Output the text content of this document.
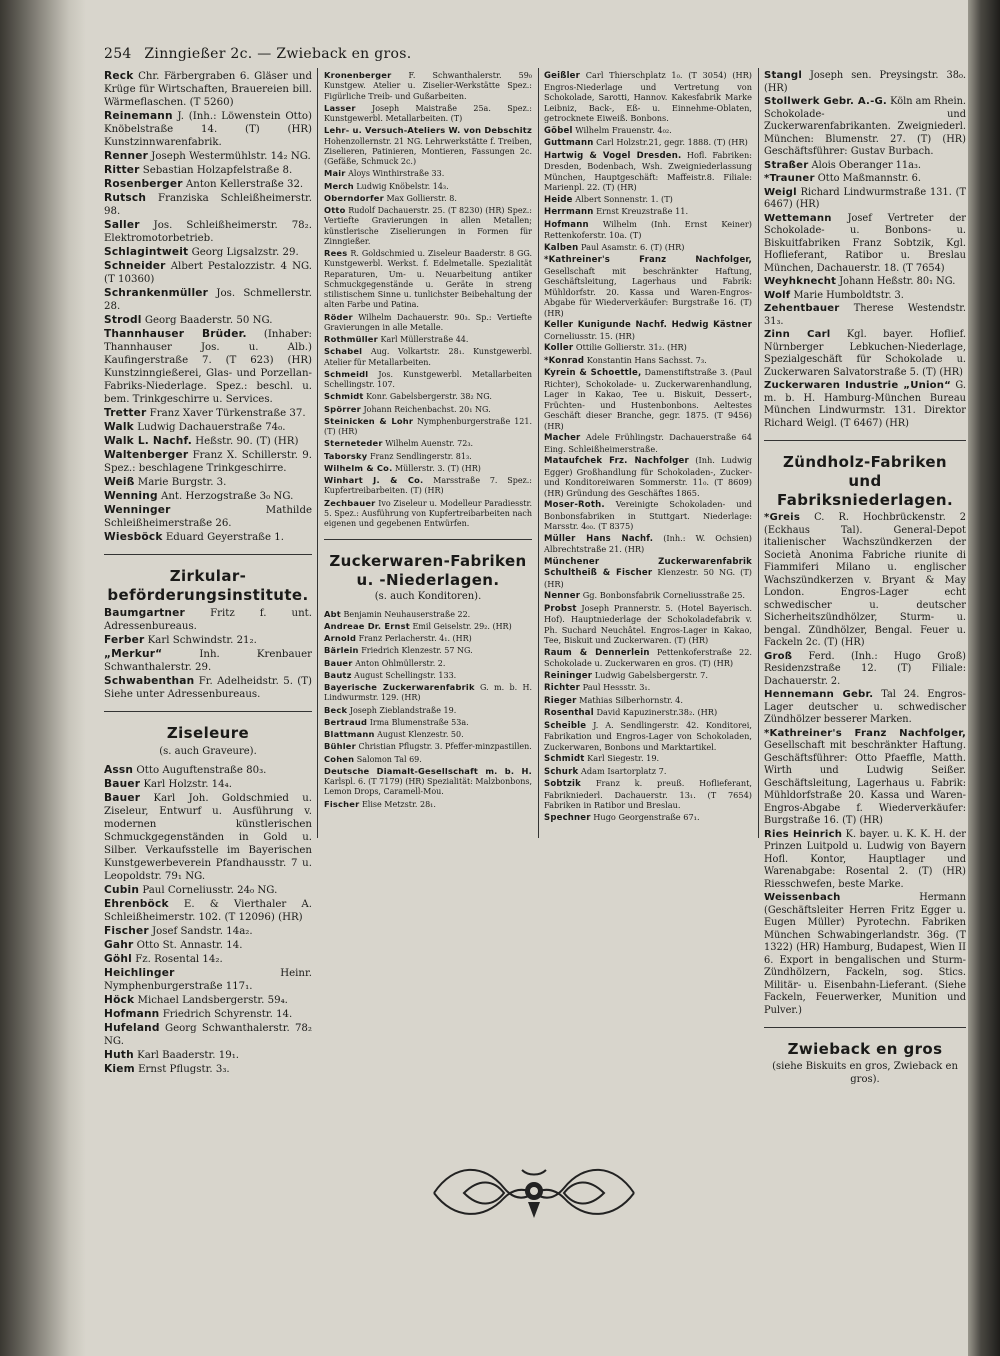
254 Zinngießer 2c. — Zwieback en gros.

Reck Chr. Färbergraben 6. Gläser und Krüge für Wirtschaften, Brauereien bill. Wärmeflaschen. (T 5260)

Reinemann J. (Inh.: Löwenstein Otto) Knöbelstraße 14. (T) (HR) Kunstzinnwarenfabrik.

Renner Joseph Westermühlstr. 14₂ NG.

Ritter Sebastian Holzapfelstraße 8.

Rosenberger Anton Kellerstraße 32.

Rutsch Franziska Schleißheimerstr. 98.

Saller Jos. Schleißheimerstr. 78₂. Elektromotorbetrieb.

Schlagintweit Georg Ligsalzstr. 29.

Schneider Albert Pestalozzistr. 4 NG. (T 10360)

Schrankenmüller Jos. Schmellerstr. 28.

Strodl Georg Baaderstr. 50 NG.

Thannhauser Brüder. (Inhaber: Thannhauser Jos. u. Alb.) Kaufingerstraße 7. (T 623) (HR) Kunstzinngießerei, Glas- und Porzellan-Fabriks-Niederlage. Spez.: beschl. u. bem. Trinkgeschirre u. Services.

Tretter Franz Xaver Türkenstraße 37.

Walk Ludwig Dachauerstraße 74₀.

Walk L. Nachf. Heßstr. 90. (T) (HR)

Waltenberger Franz X. Schillerstr. 9. Spez.: beschlagene Trinkgeschirre.

Weiß Marie Burgstr. 3.

Wenning Ant. Herzogstraße 3₀ NG.

Wenninger	Mathilde Schleißheimerstraße 26.

Wiesböck Eduard Geyerstraße 1.

Zirkular-beförderungsinstitute.

Baumgartner Fritz f. unt. Adressenbureaus.

Ferber Karl Schwindstr. 21₂.

„Merkur“	Inh. Krenbauer Schwanthalerstr. 29.

Schwabenthan Fr. Adelheidstr. 5. (T) Siehe unter Adressenbureaus.

Ziseleure
(s. auch Graveure).

Assn Otto Auguftenstraße 80₃.

Bauer Karl Holzstr. 14₄.

Bauer Karl Joh. Goldschmied u. Ziseleur, Entwurf u. Ausführung v. modernen künstlerischen Schmuckgegenständen in Gold u. Silber. Verkaufsstelle im Bayerischen Kunstgewerbeverein Pfandhausstr. 7 u. Leopoldstr. 79₁ NG.

Cubin Paul Corneliusstr. 24₀ NG.

Ehrenböck E. & Vierthaler A. Schleißheimerstr. 102. (T 12096) (HR)

Fischer Josef Sandstr. 14a₂.

Gahr Otto St. Annastr. 14.

Göhl Fz. Rosental 14₂.

Heichlinger	Heinr. Nymphenburgerstraße 117₁.

Höck Michael Landsbergerstr. 59₄.

Hofmann Friedrich Schyrenstr. 14.

Hufeland Georg Schwanthalerstr. 78₂ NG.

Huth Karl Baaderstr. 19₁.

Kiem Ernst Pflugstr. 3₃.

Kronenberger F. Schwanthalerstr. 59₀ Kunstgew. Atelier u. Ziselier-Werkstätte Spez.: Figürliche Treib- und Gußarbeiten.

Lasser Joseph Maistraße 25a. Spez.: Kunstgewerbl. Metallarbeiten. (T)

Lehr- u. Versuch-Ateliers W. von Debschitz Hohenzollernstr. 21 NG. Lehrwerkstätte f. Treiben, Ziselieren, Patinieren, Montieren, Fassungen 2c. (Gefäße, Schmuck 2c.)

Mair Aloys Winthirstraße 33.

Merch Ludwig Knöbelstr. 14₃.

Oberndorfer Max Gollierstr. 8.

Otto Rudolf Dachauerstr. 25. (T 8230) (HR) Spez.: Vertiefte Gravierungen in allen Metallen; künstlerische Ziselierungen in Formen für Zinngießer.

Rees R. Goldschmied u. Ziseleur Baaderstr. 8 GG. Kunstgewerbl. Werkst. f. Edelmetalle. Spezialität Reparaturen, Um- u. Neuarbeitung antiker Schmuckgegenstände u. Geräte in streng stilistischem Sinne u. tunlichster Beibehaltung der alten Farbe und Patina.

Röder Wilhelm Dachauerstr. 90₃. Sp.: Vertiefte Gravierungen in alle Metalle.

Rothmüller Karl Müllerstraße 44.

Schabel Aug. Volkartstr. 28₁. Kunstgewerbl. Atelier für Metallarbeiten.

Schmeidl Jos. Kunstgewerbl. Metallarbeiten Schellingstr. 107.

Schmidt Konr. Gabelsbergerstr. 38₂ NG.

Spörrer Johann Reichenbachst. 20₁ NG.

Steinicken & Lohr Nymphenburgerstraße 121. (T) (HR)

Sterneteder Wilhelm Auenstr. 72₃.

Taborsky Franz Sendlingerstr. 81₃.

Wilhelm & Co. Müllerstr. 3. (T) (HR)

Winhart J. & Co. Marsstraße 7. Spez.: Kupfertreibarbeiten. (T) (HR)

Zechbauer Ivo Ziseleur u. Modelleur Paradiesstr. 5. Spez.: Ausführung von Kupfertreibarbeiten nach eigenen und gegebenen Entwürfen.

Zuckerwaren-Fabriken u. -Niederlagen.
(s. auch Konditoren).

Abt Benjamin Neuhauserstraße 22.

Andreae Dr. Ernst Emil Geiselstr. 29₂. (HR)

Arnold Franz Perlacherstr. 4₁. (HR)

Bärlein Friedrich Klenzestr. 57 NG.

Bauer Anton Ohlmüllerstr. 2.

Bautz August Schellingstr. 133.

Bayerische Zuckerwarenfabrik G. m. b. H. Lindwurmstr. 129. (HR)

Beck Joseph Zieblandstraße 19.

Bertraud Irma Blumenstraße 53a.

Blattmann August Klenzestr. 50.

Bühler Christian Pflugstr. 3. Pfeffer-minzpastillen.

Cohen Salomon Tal 69.

Deutsche Diamalt-Gesellschaft m. b. H. Karlspl. 6. (T 7179) (HR) Spezialität: Malzbonbons, Lemon Drops, Caramell-Mou.

Fischer Elise Metzstr. 28₁.

Geißler Carl Thierschplatz 1₀. (T 3054) (HR) Engros-Niederlage und Vertretung von Schokolade, Sarotti, Hannov. Kakesfabrik Marke Leibniz, Back-, Eß- u. Einnehme-Oblaten, getrocknete Eiweiß. Bonbons.

Göbel Wilhelm Frauenstr. 4₀₂.

Guttmann Carl Holzstr.21, gegr. 1888. (T) (HR)

Hartwig & Vogel Dresden. Hofl. Fabriken: Dresden, Bodenbach, Wsh. Zweigniederlassung München, Hauptgeschäft: Maffeistr.8. Filiale: Marienpl. 22. (T) (HR)

Heide Albert Sonnenstr. 1. (T)

Herrmann Ernst Kreuzstraße 11.

Hofmann Wilhelm (Inh. Ernst Keiner) Rettenkoferstr. 10a. (T)

Kalben Paul Asamstr. 6. (T) (HR)

*Kathreiner's Franz Nachfolger, Gesellschaft mit beschränkter Haftung, Geschäftsleitung, Lagerhaus und Fabrik: Mühldorfstr. 20. Kassa und Waren-Engros-Abgabe für Wiederverkäufer: Burgstraße 16. (T) (HR)

Keller Kunigunde Nachf. Hedwig Kästner Corneliusstr. 15. (HR)

Koller Ottilie Gollierstr. 31₂. (HR)

*Konrad Konstantin Hans Sachsst. 7₃.

Kyrein & Schoettle, Damenstiftstraße 3. (Paul Richter), Schokolade- u. Zuckerwarenhandlung, Lager in Kakao, Tee u. Biskuit, Dessert-, Früchten- und Hustenbonbons. Aeltestes Geschäft dieser Branche, gegr. 1875. (T 9456) (HR)

Macher Adele Frühlingstr. Dachauerstraße 64 Eing. Schleißheimerstraße.

Mataufchek Frz. Nachfolger (Inh. Ludwig Egger) Großhandlung für Schokoladen-, Zucker- und Konditoreiwaren Sommerstr. 11₀. (T 8609) (HR) Gründung des Geschäftes 1865.

Moser-Roth. Vereinigte Schokoladen- und Bonbonsfabriken in Stuttgart. Niederlage: Marsstr. 4₀₀. (T 8375)

Müller Hans Nachf. (Inh.: W. Ochsien) Albrechtstraße 21. (HR)

Münchener Zuckerwarenfabrik Schultheiß & Fischer Klenzestr. 50 NG. (T) (HR)

Nenner Gg. Bonbonsfabrik Corneliusstraße 25.

Probst Joseph Prannerstr. 5. (Hotel Bayerisch. Hof). Hauptniederlage der Schokoladefabrik v. Ph. Suchard Neuchâtel. Engros-Lager in Kakao, Tee, Biskuit und Zuckerwaren. (T) (HR)

Raum & Dennerlein Pettenkoferstraße 22. Schokolade u. Zuckerwaren en gros. (T) (HR)

Reininger Ludwig Gabelsbergerstr. 7.

Richter Paul Hessstr. 3₁.

Rieger Mathias Silberhornstr. 4.

Rosenthal David Kapuzinerstr.38₂. (HR)

Scheible J. A. Sendlingerstr. 42. Konditorei, Fabrikation und Engros-Lager von Schokoladen, Zuckerwaren, Bonbons und Marktartikel.

Schmidt Karl Siegestr. 19.

Schurk Adam Isartorplatz 7.

Sobtzik Franz k. preuß. Hoflieferant, Fabrikniederl. Dachauerstr. 13₁. (T 7654) Fabriken in Ratibor und Breslau.

Spechner Hugo Georgenstraße 67₁.

Stangl Joseph sen. Preysingstr. 38₀. (HR)

Stollwerk Gebr. A.-G. Köln am Rhein. Schokolade- und Zuckerwarenfabrikanten. Zweigniederl. München: Blumenstr. 27. (T) (HR) Geschäftsführer: Gustav Burbach.

Straßer Alois Oberanger 11a₃.

*Trauner Otto Maßmannstr. 6.

Weigl Richard Lindwurmstraße 131. (T 6467) (HR)

Wettemann Josef Vertreter der Schokolade- u. Bonbons- u. Biskuitfabriken Franz Sobtzik, Kgl. Hoflieferant, Ratibor u. Breslau München, Dachauerstr. 18. (T 7654)

Weyhknecht Johann Heßstr. 80₁ NG.

Wolf Marie Humboldtstr. 3.

Zehentbauer Therese Westendstr. 31₃.

Zinn Carl Kgl. bayer. Hoflief. Nürnberger Lebkuchen-Niederlage, Spezialgeschäft für Schokolade u. Zuckerwaren Salvatorstraße 5. (T) (HR)

Zuckerwaren Industrie „Union“ G. m. b. H. Hamburg-München Bureau München Lindwurmstr. 131. Direktor Richard Weigl. (T 6467) (HR)

Zündholz-Fabriken und Fabriksniederlagen.

*Greis C. R. Hochbrückenstr. 2 (Eckhaus Tal). General-Depot italienischer Wachszündkerzen der Società Anonima Fabriche riunite di Fiammiferi Milano u. englischer Wachszündkerzen v. Bryant & May London. Engros-Lager echt schwedischer u. deutscher Sicherheitszündhölzer, Sturm- u. bengal. Zündhölzer, Bengal. Feuer u. Fackeln 2c. (T) (HR)

Groß Ferd. (Inh.: Hugo Groß) Residenzstraße 12. (T) Filiale: Dachauerstr. 2.

Hennemann Gebr. Tal 24. Engros-Lager deutscher u. schwedischer Zündhölzer besserer Marken.

*Kathreiner's Franz Nachfolger, Gesellschaft mit beschränkter Haftung. Geschäftsführer: Otto Pfaeffle, Matth. Wirth und Ludwig Seißer. Geschäftsleitung, Lagerhaus u. Fabrik: Mühldorfstraße 20. Kassa und Waren-Engros-Abgabe f. Wiederverkäufer: Burgstraße 16. (T) (HR)

Ries Heinrich K. bayer. u. K. K. H. der Prinzen Luitpold u. Ludwig von Bayern Hofl. Kontor, Hauptlager und Warenabgabe: Rosental 2. (T) (HR) Riesschwefen, beste Marke.

Weissenbach	Hermann (Geschäftsleiter Herren Fritz Egger u. Eugen Müller) Pyrotechn. Fabriken München Schwabingerlandstr. 36g. (T 1322) (HR) Hamburg, Budapest, Wien II 6. Export in bengalischen und Sturm-Zündhölzern, Fackeln, sog. Stics. Militär- u. Eisenbahn-Lieferant. (Siehe Fackeln, Feuerwerker, Munition und Pulver.)

Zwieback en gros
(siehe Biskuits en gros, Zwieback en gros).
